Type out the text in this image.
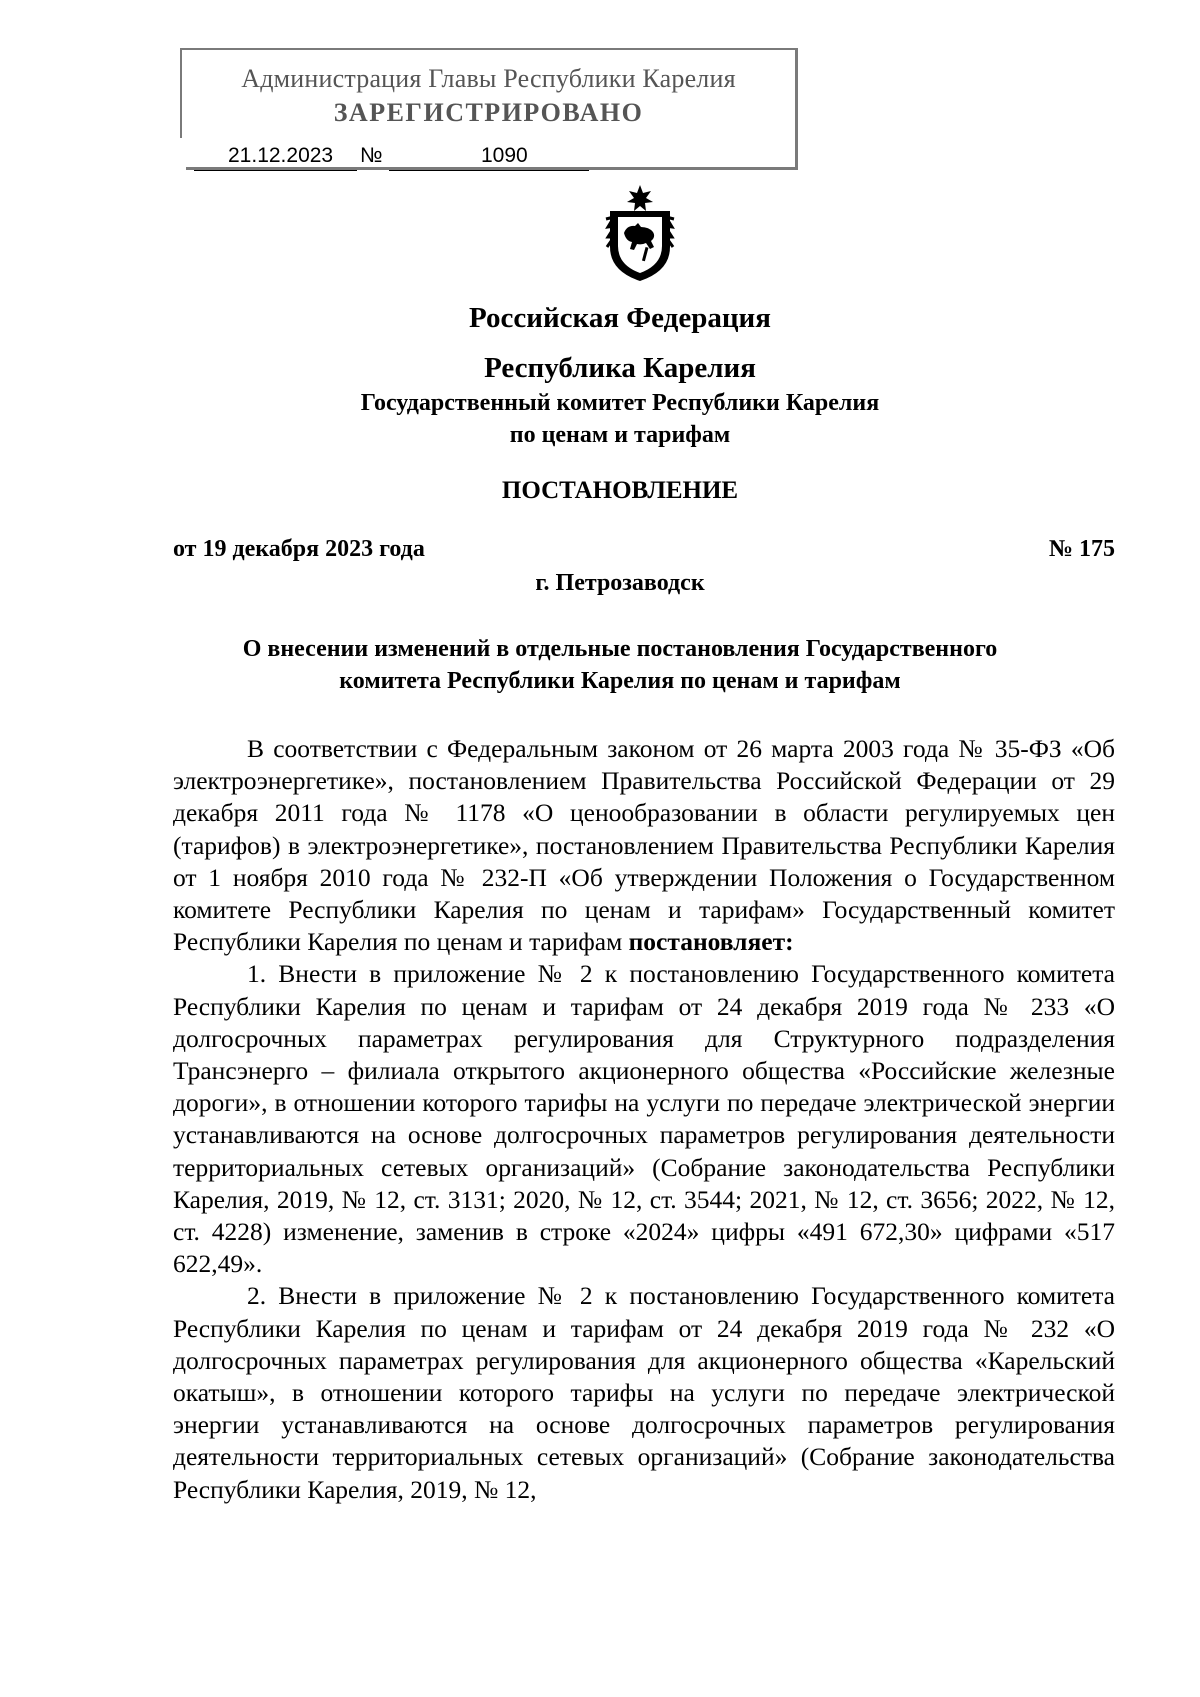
Администрация Главы Республики Карелия
ЗАРЕГИСТРИРОВАНО
21.12.2023 №	1090
Российская Федерация
Республика Карелия
Государственный комитет Республики Карелия
по ценам и тарифам
ПОСТАНОВЛЕНИЕ
от 19 декабря 2023 года	№ 175
г. Петрозаводск
О внесении изменений в отдельные постановления Государственного
комитета Республики Карелия по ценам и тарифам

В соответствии с Федеральным законом от 26 марта 2003 года № 35-ФЗ «Об электроэнергетике», постановлением Правительства Российской Федерации от 29 декабря 2011 года № 1178 «О ценообразовании в области регулируемых цен (тарифов) в электроэнергетике», постановлением Правительства Республики Карелия от 1 ноября 2010 года № 232-П «Об утверждении Положения о Государственном комитете Республики Карелия по ценам и тарифам» Государственный комитет Республики Карелия по ценам и тарифам постановляет:

1. Внести в приложение № 2 к постановлению Государственного комитета Республики Карелия по ценам и тарифам от 24 декабря 2019 года № 233 «О долгосрочных параметрах регулирования для Структурного подразделения Трансэнерго – филиала открытого акционерного общества «Российские железные дороги», в отношении которого тарифы на услуги по передаче электрической энергии устанавливаются на основе долгосрочных параметров регулирования деятельности территориальных сетевых организаций» (Собрание законодательства Республики Карелия, 2019, № 12, ст. 3131; 2020, № 12, ст. 3544; 2021, № 12, ст. 3656; 2022, № 12, ст. 4228) изменение, заменив в строке «2024» цифры «491 672,30» цифрами «517 622,49».

2. Внести в приложение № 2 к постановлению Государственного комитета Республики Карелия по ценам и тарифам от 24 декабря 2019 года № 232 «О долгосрочных параметрах регулирования для акционерного общества «Карельский окатыш», в отношении которого тарифы на услуги по передаче электрической энергии устанавливаются на основе долгосрочных параметров регулирования деятельности территориальных сетевых организаций» (Собрание законодательства Республики Карелия, 2019, № 12,
